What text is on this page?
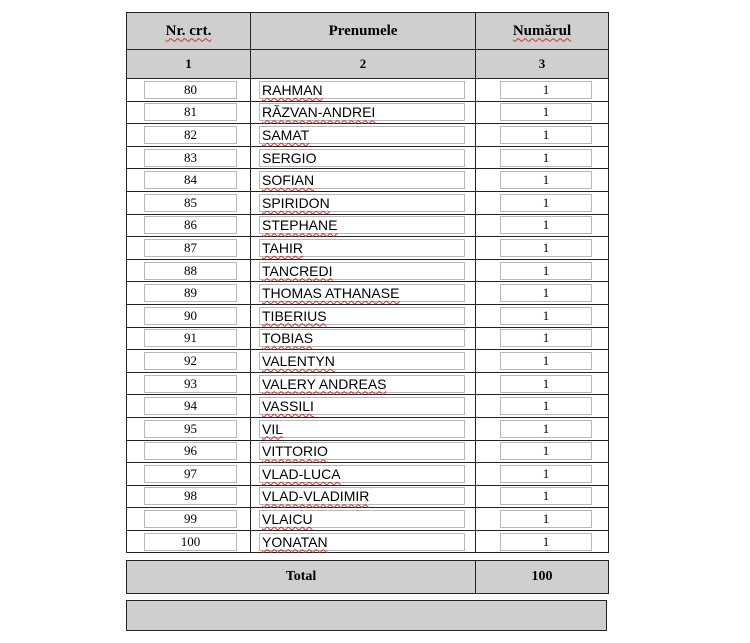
Nr. crt.	Prenumele	Numărul
1	2	3

80	RAHMAN	1

81	RĂZVAN-ANDREI	1

82	SAMAT	1

83	SERGIO	1

84	SOFIAN	1

85	SPIRIDON	1

86	STEPHANE	1

87	TAHIR	1

88	TANCREDI	1

89	THOMAS ATHANASE	1

90	TIBERIUS	1

91	TOBIAS	1

92	VALENTYN	1

93	VALERY ANDREAS	1

94	VASSILI	1

95	VIL	1

96	VITTORIO	1

97	VLAD-LUCA	1

98	VLAD-VLADIMIR	1

99	VLAICU	1

100	YONATAN	1
Total	100
